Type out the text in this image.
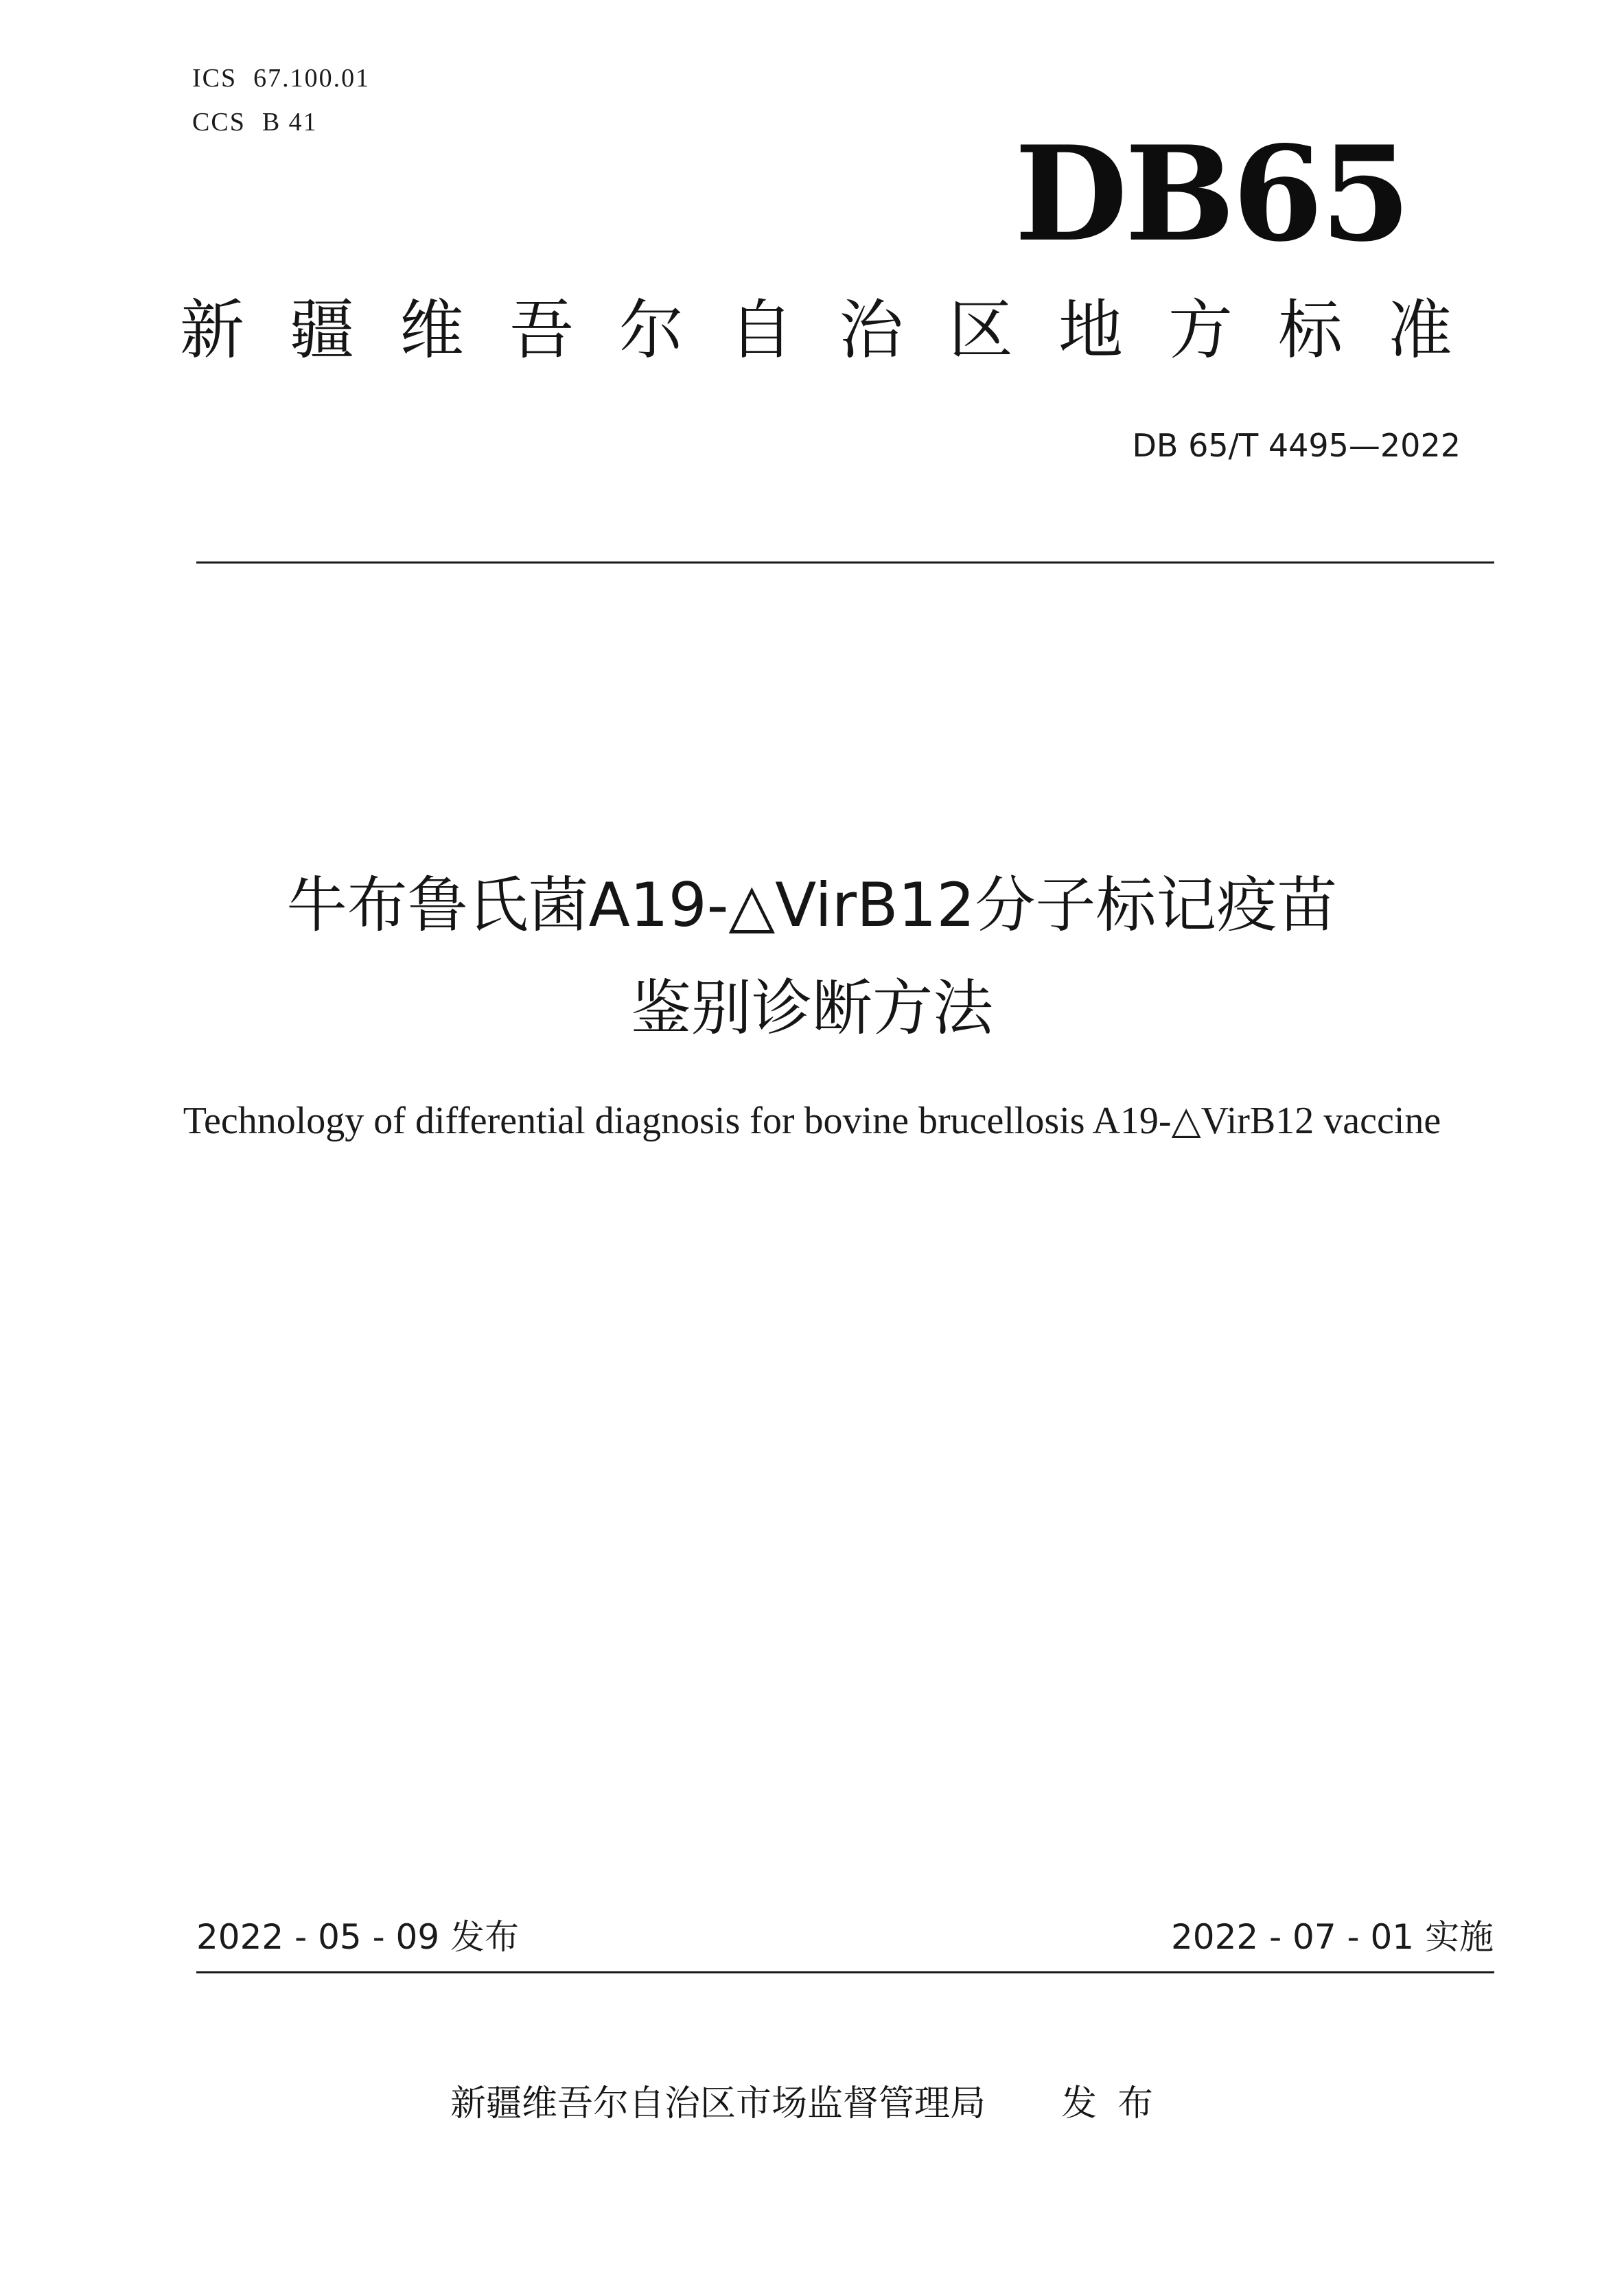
ICS 67.100.01
CCS B 41	DB65
新疆维吾尔自治区地方标准
DB 65/T 4495—2022
牛布鲁氏菌A19-△VirB12分子标记疫苗
鉴别诊断方法
Technology of differential diagnosis for bovine brucellosis A19-△VirB12 vaccine
2022 - 05 - 09 发布	2022 - 07 - 01 实施
新疆维吾尔自治区市场监督管理局 发布
